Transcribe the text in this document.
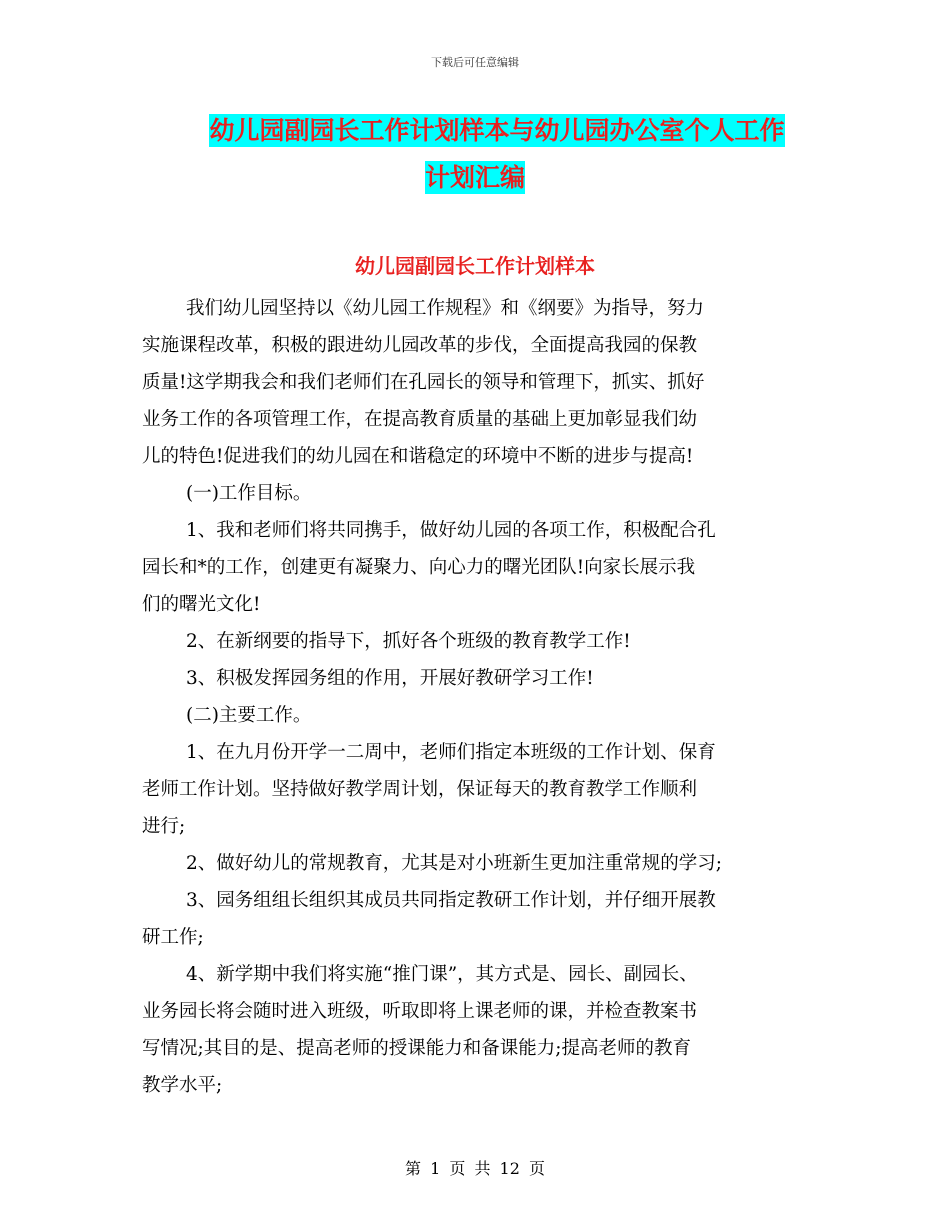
下载后可任意编辑
幼儿园副园长工作计划样本与幼儿园办公室个人工作
计划汇编
幼儿园副园长工作计划样本
我们幼儿园坚持以《幼儿园工作规程》和《纲要》为指导，努力
实施课程改革，积极的跟进幼儿园改革的步伐，全面提高我园的保教
质量!这学期我会和我们老师们在孔园长的领导和管理下，抓实、抓好
业务工作的各项管理工作，在提高教育质量的基础上更加彰显我们幼
儿的特色!促进我们的幼儿园在和谐稳定的环境中不断的进步与提高!
(一)工作目标。
1、我和老师们将共同携手，做好幼儿园的各项工作，积极配合孔
园长和*的工作，创建更有凝聚力、向心力的曙光团队!向家长展示我
们的曙光文化!
2、在新纲要的指导下，抓好各个班级的教育教学工作!
3、积极发挥园务组的作用，开展好教研学习工作!
(二)主要工作。
1、在九月份开学一二周中，老师们指定本班级的工作计划、保育
老师工作计划。坚持做好教学周计划，保证每天的教育教学工作顺利
进行;
2、做好幼儿的常规教育，尤其是对小班新生更加注重常规的学习;
3、园务组组长组织其成员共同指定教研工作计划，并仔细开展教
研工作;
4、新学期中我们将实施“推门课”，其方式是、园长、副园长、
业务园长将会随时进入班级，听取即将上课老师的课，并检查教案书
写情况;其目的是、提高老师的授课能力和备课能力;提高老师的教育
教学水平;
第 1 页 共 12 页
